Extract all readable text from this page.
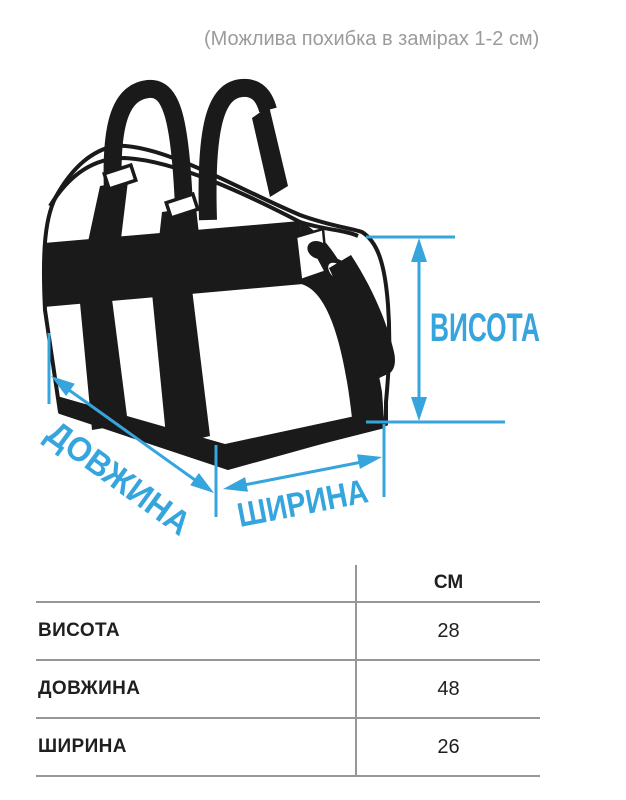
(Можлива похибка в замірах 1-2 см)
ВИСОТА
ДОВЖИНА ШИРИНА
СМ
ВИСОТА	28
ДОВЖИНА	48
ШИРИНА	26
